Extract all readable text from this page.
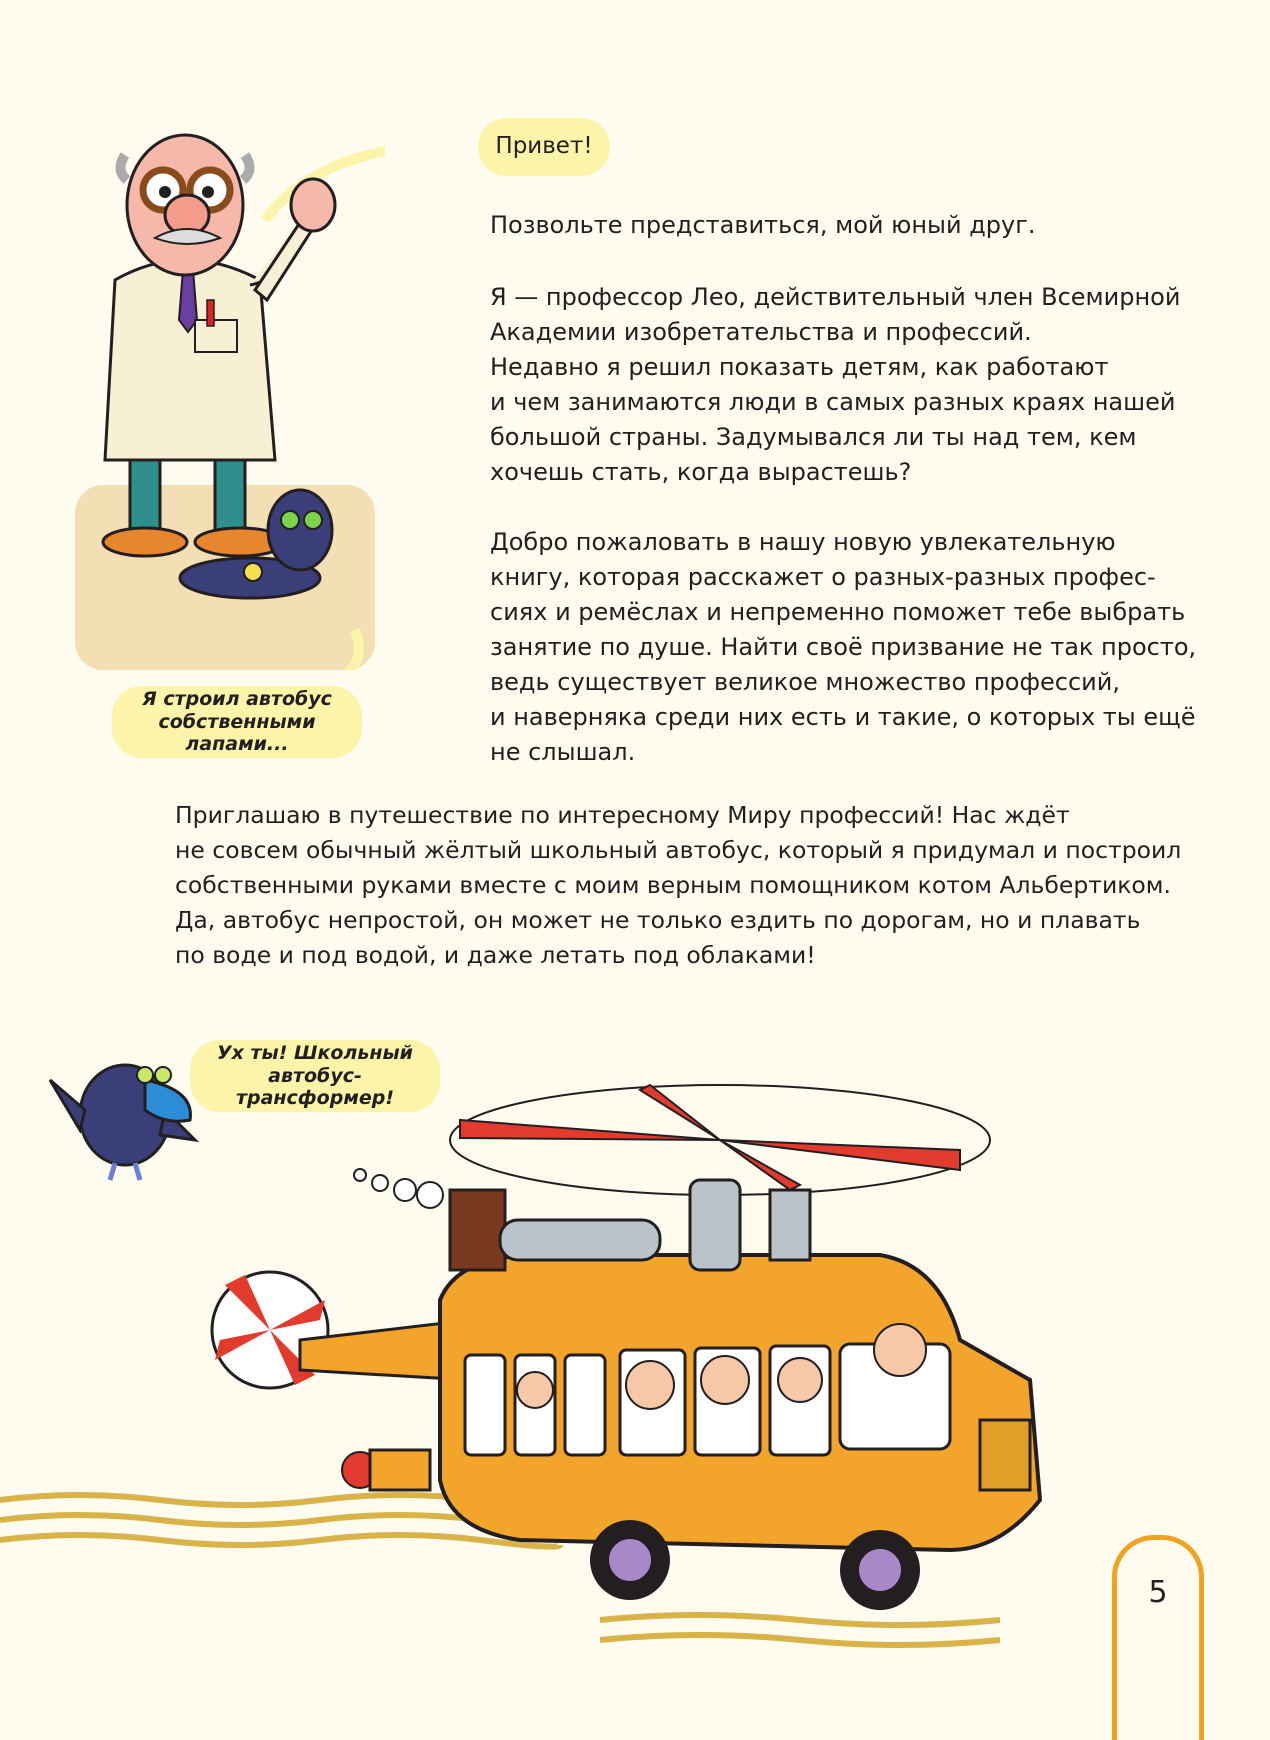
Привет!

Позвольте представиться, мой юный друг.

Я — профессор Лео, действительный член Всемирной
Академии изобретательства и профессий.

Недавно я решил показать детям, как работают
и чем занимаются люди в самых разных краях нашей
большой страны. Задумывался ли ты над тем, кем
хочешь стать, когда вырастешь?

Добро пожаловать в нашу новую увлекательную
книгу, которая расскажет о разных-разных профес-
сиях и ремёслах и непременно поможет тебе выбрать
занятие по душе. Найти своё призвание не так просто,
ведь существует великое множество профессий,
и наверняка среди них есть и такие, о которых ты ещё
не слышал.

Я строил автобус
собственными лапами...

Приглашаю в путешествие по интересному Миру профессий! Нас ждёт
не совсем обычный жёлтый школьный автобус, который я придумал и построил
собственными руками вместе с моим верным помощником котом Альбертиком.
Да, автобус непростой, он может не только ездить по дорогам, но и плавать
по воде и под водой, и даже летать под облаками!

Ух ты! Школьный
автобус-трансформер!
5
